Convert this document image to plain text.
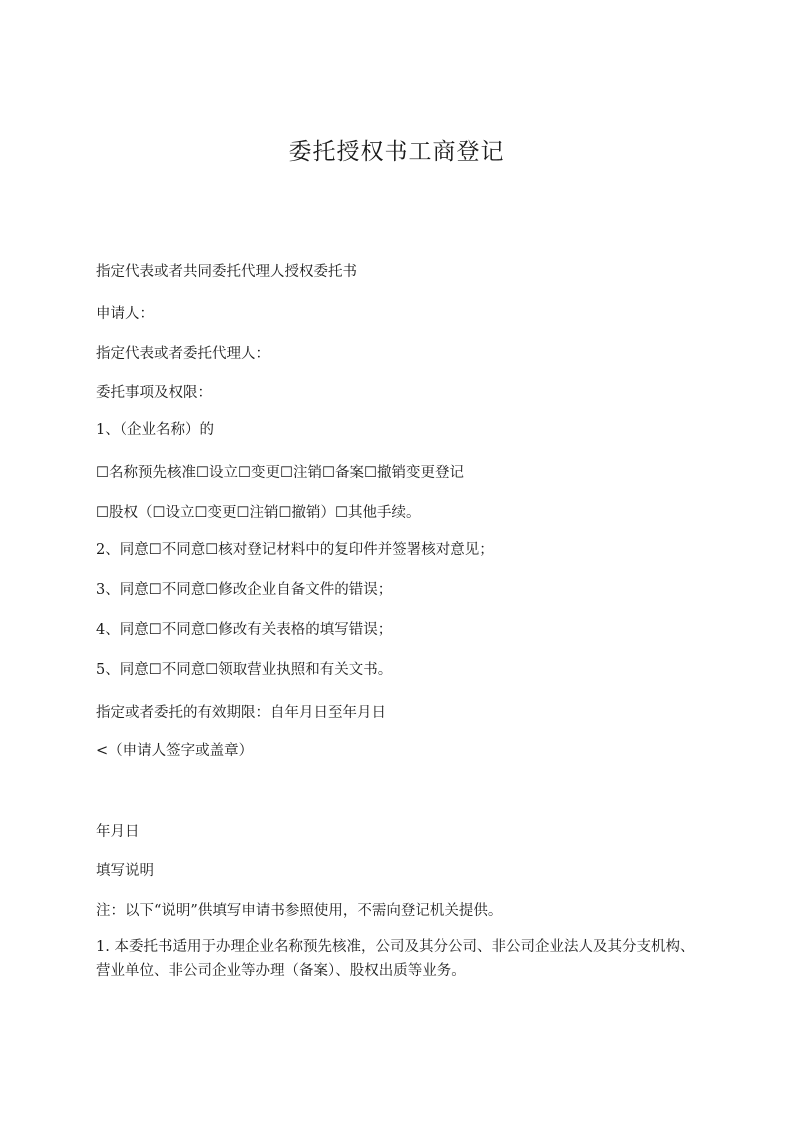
委托授权书工商登记
指定代表或者共同委托代理人授权委托书
申请人：
指定代表或者委托代理人：
委托事项及权限：
1、（企业名称）的
☐名称预先核准☐设立☐变更☐注销☐备案☐撤销变更登记
☐股权（☐设立☐变更☐注销☐撤销）☐其他手续。
2、同意☐不同意☐核对登记材料中的复印件并签署核对意见；
3、同意☐不同意☐修改企业自备文件的错误；
4、同意☐不同意☐修改有关表格的填写错误；
5、同意☐不同意☐领取营业执照和有关文书。
指定或者委托的有效期限：自年月日至年月日
<（申请人签字或盖章）
年月日
填写说明
注：以下“说明”供填写申请书参照使用，不需向登记机关提供。
1. 本委托书适用于办理企业名称预先核准，公司及其分公司、非公司企业法人及其分支机构、营业单位、非公司企业等办理（备案）、股权出质等业务。
